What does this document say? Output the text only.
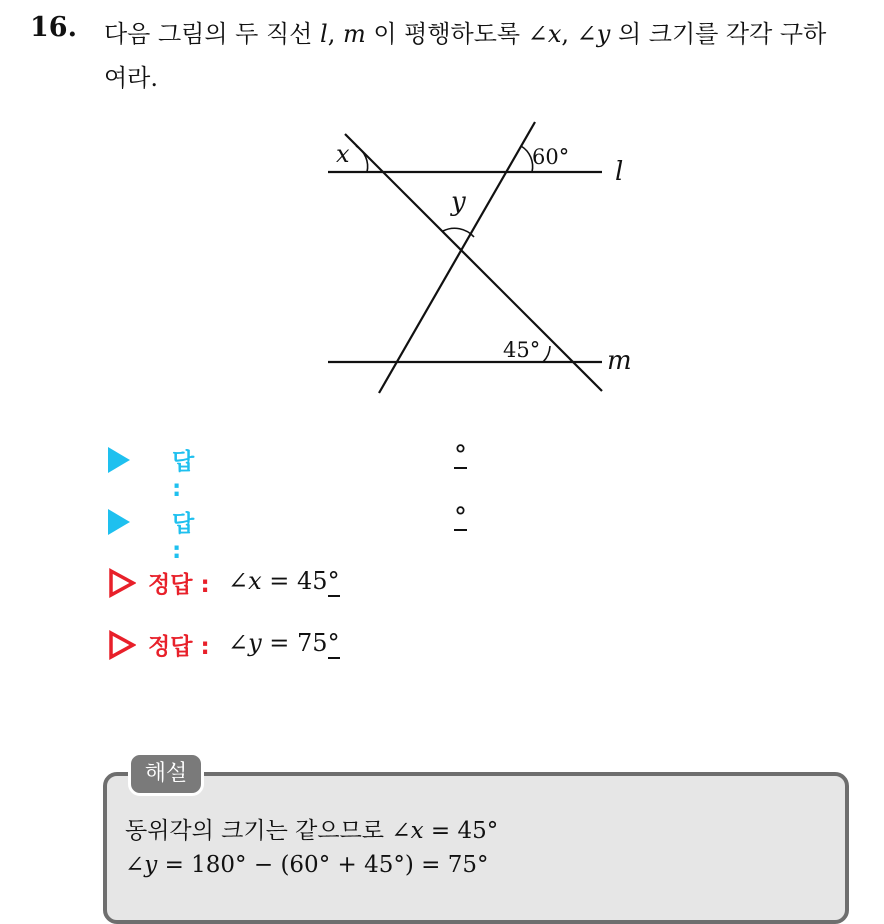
16. 다음 그림의 두 직선 l, m 이 평행하도록 ∠x, ∠y 의 크기를 각각 구하
여라.
x	60° l
y
45°	m
답 :
°
답 :
°
정답 : ∠x = 45°
정답 : ∠y = 75°
해설
동위각의 크기는 같으므로 ∠x = 45°
∠y = 180° − (60° + 45°) = 75°
